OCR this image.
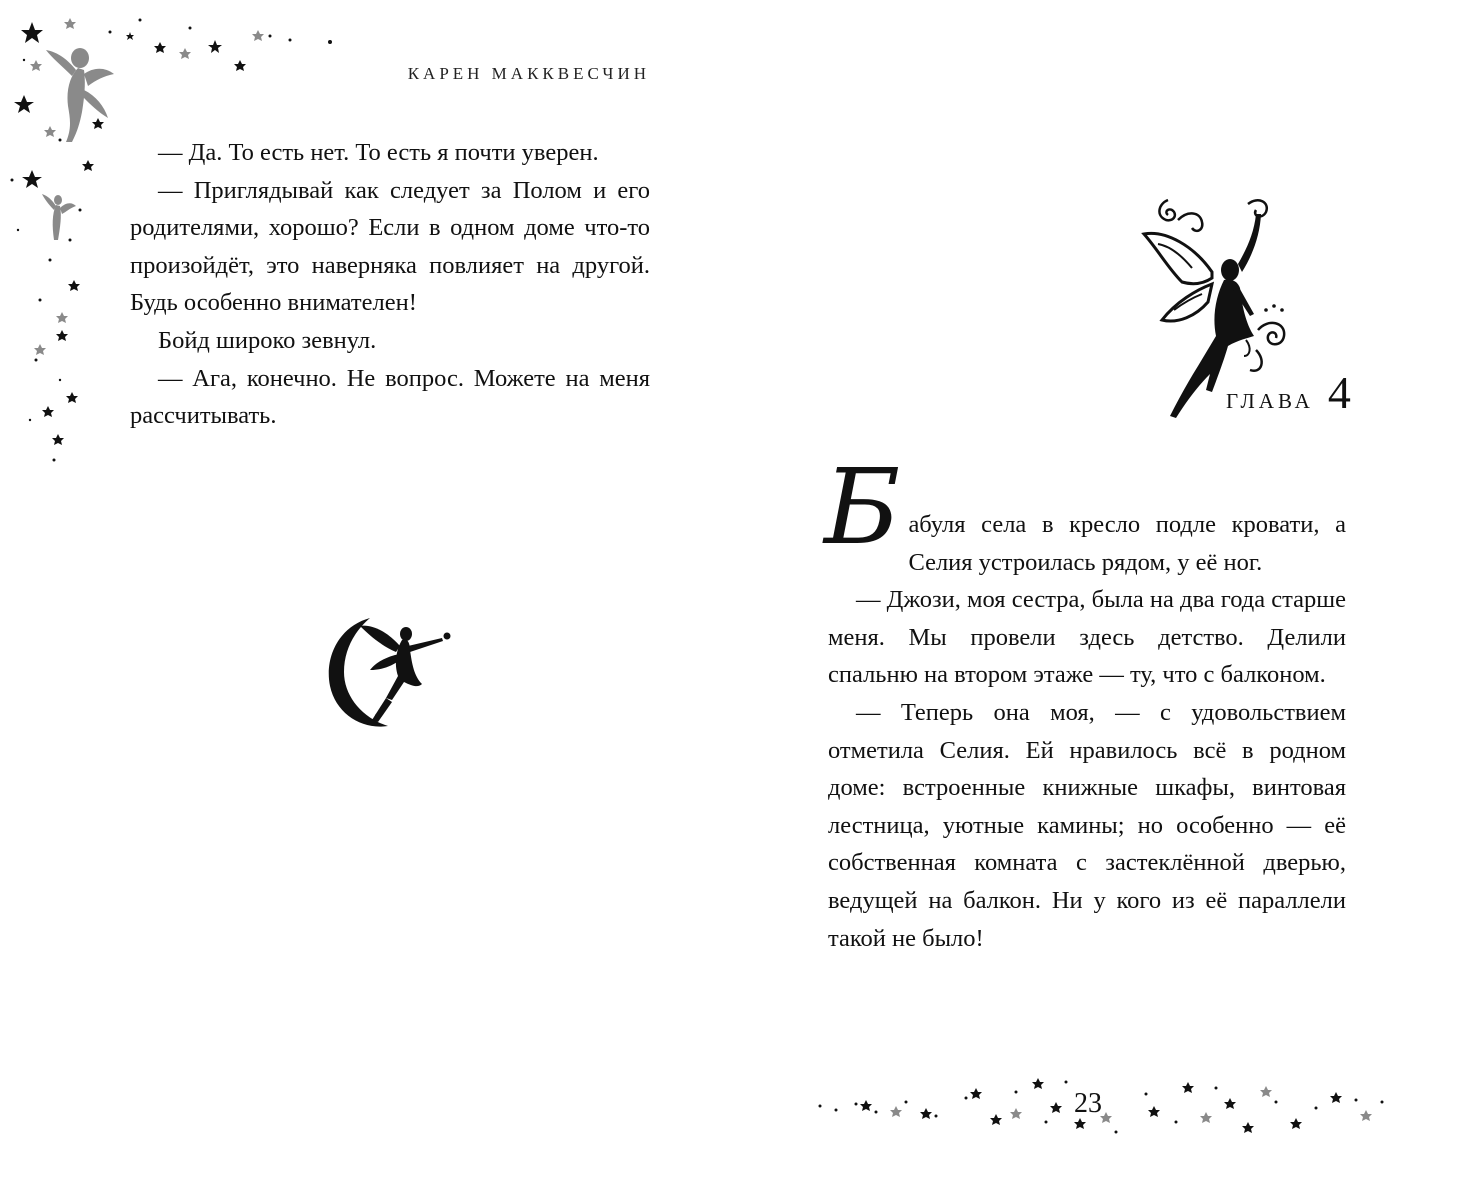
КАРЕН МАККВЕСЧИН

— Да. То есть нет. То есть я почти уверен.

— Приглядывай как следует за Полом и его родителями, хорошо? Если в одном доме что-то произойдёт, это наверняка повлияет на другой. Будь особенно внимателен!

Бойд широко зевнул.

— Ага, конечно. Не вопрос. Можете на меня рассчитывать.

ГЛАВА 4

Б абуля села в кресло подле кровати, а Селия устроилась рядом, у её ног.

— Джози, моя сестра, была на два года старше меня. Мы провели здесь детство. Делили спальню на втором этаже — ту, что с балконом.

— Теперь она моя, — с удовольствием отметила Селия. Ей нравилось всё в родном доме: встроенные книжные шкафы, винтовая лестница, уютные камины; но особенно — её собственная комната с застеклённой дверью, ведущей на балкон. Ни у кого из её параллели такой не было!

23
